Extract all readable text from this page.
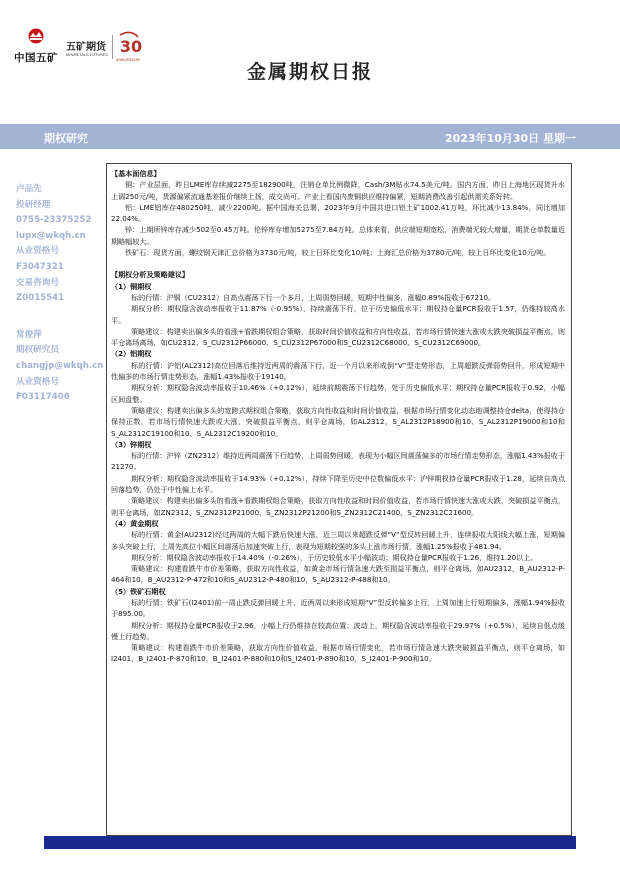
中国五矿
五矿期货
MINMETALS FUTURES 30
ANNIVERSARY
金属期权日报
期权研究	2023年10月30日 星期一
卢品先
投研经理
0755-23375252
lupx@wkqh.cn
从业资格号
F3047321
交易咨询号
Z0015541
常俊萍
期权研究员
changjp@wkqh.cn
从业资格号
F03117406

【基本面信息】

铜：产业层面，昨日LME库存续减2275至182900吨，注销仓单比例微降，Cash/3M贴水74.5美元/吨。国内方面，昨日上海地区现货升水上调250元/吨，货源偏紧流通基差报价继续上扬，成交尚可。产业上看国内废铜供应维持偏紧，短期消费改善引起供需关系好转。

铝：LME铝库存480250吨，减少2200吨。据中国海关总署，2023年9月中国共进口铝土矿1002.41万吨，环比减少13.84%，同比增加22.04%。

锌：上期所锌库存减少502至0.45万吨。伦锌库存增加5275至7.84万吨。总体来看，供应端短期宽松，消费端无较大增量，期货仓单数量近期略幅较大。

铁矿石：现货方面，螺纹钢天津汇总价格为3730元/吨，较上日环比变化10/吨；上海汇总价格为3780元/吨，较上日环比变化10元/吨。

【期权分析及策略建议】

（1）铜期权

标的行情：沪铜（CU2312）自高点震荡下行一个多月，上周弱势回暖，短期中性偏多，涨幅0.89%报收于67210。

期权分析：期权隐含波动率报收于11.87%（-0.95%），持续震荡下行，位于历史偏低水平；期权持仓量PCR报收于1.57，仍维持较高水平。

策略建议：构建卖出偏多头的看涨+看跌期权组合策略，获取时间价值收益和方向性收益，若市场行情快速大涨或大跌突破损益平衡点，则平仓离场离场，如CU2312、S_CU2312P66000、S_CU2312P67000和S_CU2312C68000、S_CU2312C69000。

（2）铝期权

标的行情：沪铝(AL2312)高位回落后维持近两周的震荡下行，近一个月以来形成倒“V”型走势形态，上周超跌反弹弱势回升，形成短期中性偏多的市场行情走势形态，涨幅1.43%报收于19140。

期权分析：期权隐含波动率报收于10.46%（+0.12%），延续前期震荡下行趋势，处于历史偏低水平；期权持仓量PCR报收于0.92，小幅区间盘整。

策略建议：构建卖出偏多头的宽跨式期权组合策略，获取方向性收益和时间价值收益，根据市场行情变化动态地调整持仓delta，使得持仓保持正数，若市场行情快速大跌或大涨，突破损益平衡点，则平仓离场，如AL2312、S_AL2312P18900和10、S_AL2312P19000和10和S_AL2312C19100和10、S_AL2312C19200和10。

（3）锌期权

标的行情：沪锌（ZN2312）维持近两周震荡下行趋势，上周弱势回暖，表现为小幅区间震荡偏多的市场行情走势形态，涨幅1.43%报收于21270。

期权分析：期权隐含波动率报收于14.93%（+0.12%），持续下降至历史中位数偏低水平；沪锌期权持仓量PCR报收于1.28，延续自高点回落趋势，仍处于中性偏上水平。

策略建议：构建卖出偏多头的看涨+看跌期权组合策略，获取方向性收益和时间价值收益，若市场行情快速大涨或大跌，突破损益平衡点，则平仓离场，如ZN2312、S_ZN2312P21000、S_ZN2312P21200和S_ZN2312C21400、S_ZN2312C21600。

（4）黄金期权

标的行情：黄金(AU2312)经过两周的大幅下跌后快速大涨，近三周以来超跌反弹“V”型反转回暖上升，连续报收大阳线大幅上涨，短期偏多头突破上行，上周先高位小幅区间震荡后加速突破上行，表现为短期较强的多头上涨市场行情，涨幅1.25%报收于481.94。

期权分析：期权隐含波动率报收于14.40%（-0.26%），于历史较低水平小幅波动；期权持仓量PCR报收于1.26，维持1.20以上。

策略建议：构建看跌牛市价差策略，获取方向性收益，如黄金市场行情急速大跌至损益平衡点，则平仓离场，如AU2312，B_AU2312-P-464和10，B_AU2312-P-472和10和S_AU2312-P-480和10，S_AU2312-P-488和10。

（5）铁矿石期权

标的行情：铁矿石(I2401)前一周止跌反弹回暖上升，近两周以来形成短期“V”型反转偏多上行，上周加速上行短期偏多，涨幅1.94%报收于895.00。

期权分析：期权持仓量PCR报收于2.96，小幅上行仍维持在较高位置；波动上，期权隐含波动率报收于29.97%（+0.5%），延续自低点缓慢上行趋势。

策略建议：构建看跌牛市价差策略，获取方向性价值收益，根据市场行情变化，若市场行情急速大跌突破损益平衡点，则平仓离场，如I2401，B_I2401-P-870和10，B_I2401-P-880和10和S_I2401-P-890和10，S_I2401-P-900和10。
